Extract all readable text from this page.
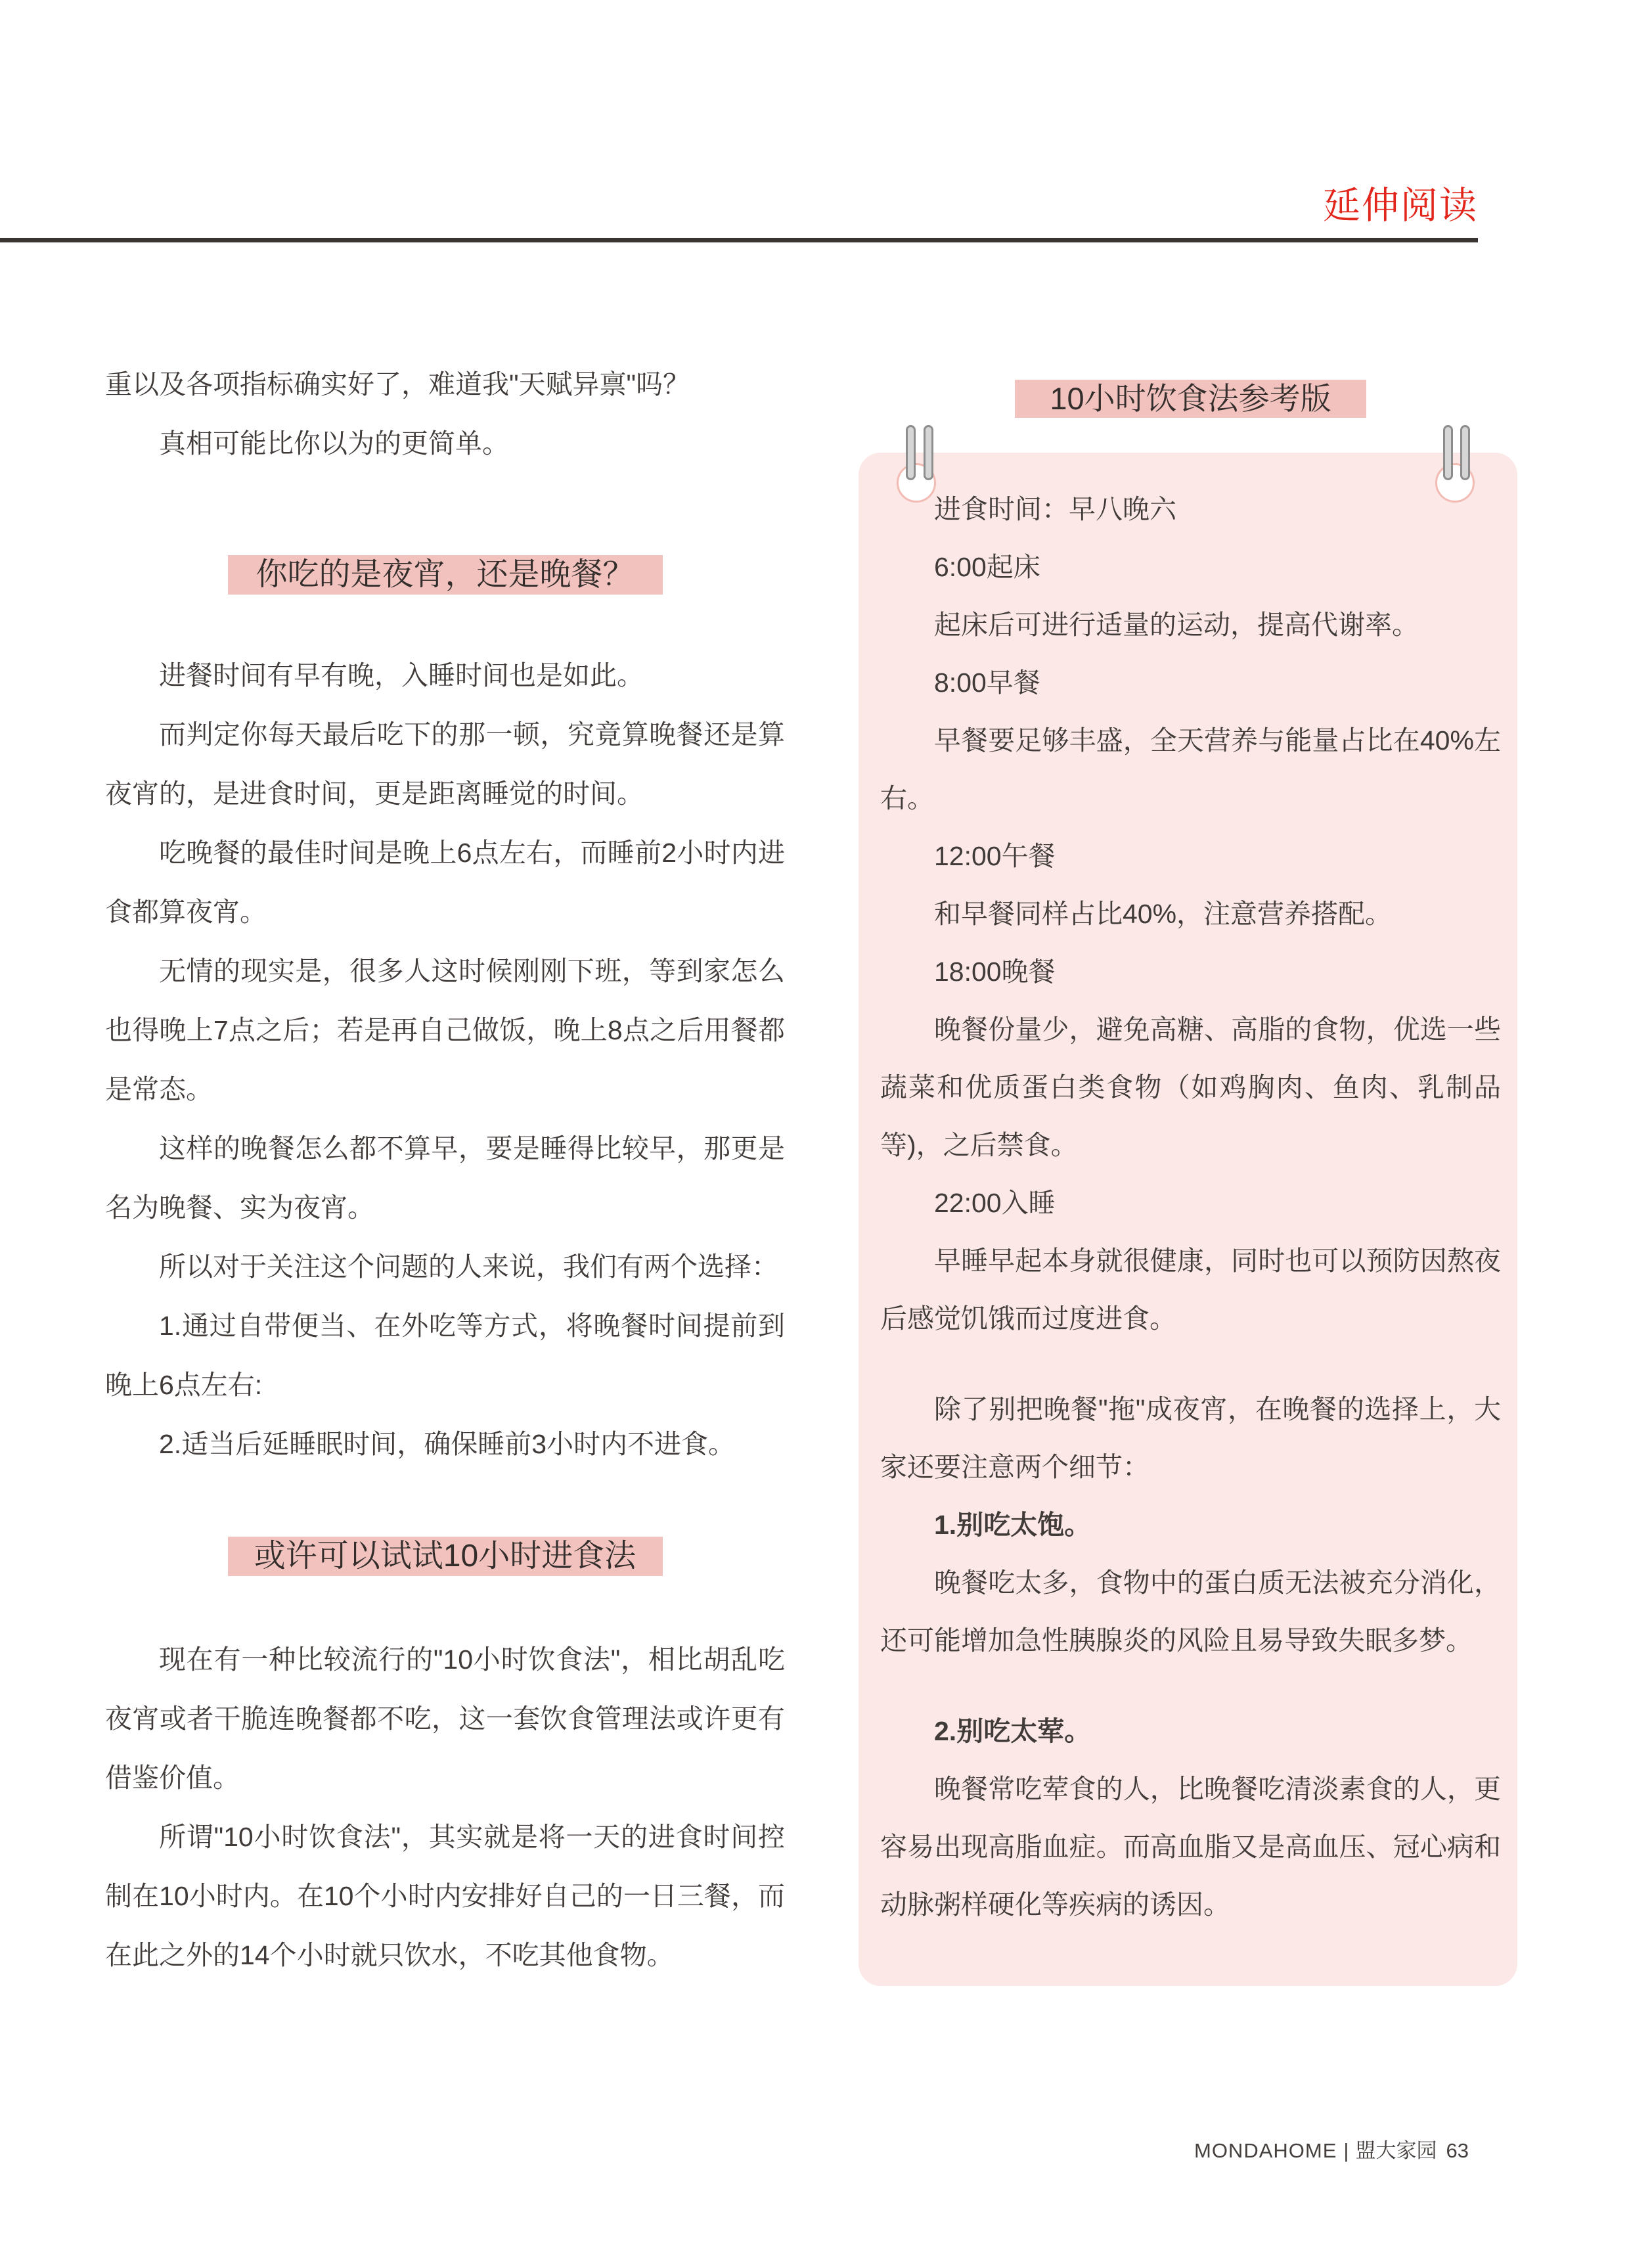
延伸阅读

重以及各项指标确实好了，难道我"天赋异禀"吗？

真相可能比你以为的更简单。

你吃的是夜宵，还是晚餐？

进餐时间有早有晚，入睡时间也是如此。

而判定你每天最后吃下的那一顿，究竟算晚餐还是算夜宵的，是进食时间，更是距离睡觉的时间。

吃晚餐的最佳时间是晚上6点左右，而睡前2小时内进食都算夜宵。

无情的现实是，很多人这时候刚刚下班，等到家怎么也得晚上7点之后；若是再自己做饭，晚上8点之后用餐都是常态。

这样的晚餐怎么都不算早，要是睡得比较早，那更是名为晚餐、实为夜宵。

所以对于关注这个问题的人来说，我们有两个选择：

1.通过自带便当、在外吃等方式，将晚餐时间提前到晚上6点左右:

2.适当后延睡眠时间，确保睡前3小时内不进食。

或许可以试试10小时进食法

现在有一种比较流行的"10小时饮食法"，相比胡乱吃夜宵或者干脆连晚餐都不吃，这一套饮食管理法或许更有借鉴价值。

所谓"10小时饮食法"，其实就是将一天的进食时间控制在10小时内。在10个小时内安排好自己的一日三餐，而在此之外的14个小时就只饮水，不吃其他食物。

10小时饮食法参考版

进食时间：早八晚六

6:00起床

起床后可进行适量的运动，提高代谢率。

8:00早餐

早餐要足够丰盛，全天营养与能量占比在40%左右。

12:00午餐

和早餐同样占比40%，注意营养搭配。

18:00晚餐

晚餐份量少，避免高糖、高脂的食物，优选一些蔬菜和优质蛋白类食物（如鸡胸肉、鱼肉、乳制品等)，之后禁食。

22:00入睡

早睡早起本身就很健康，同时也可以预防因熬夜后感觉饥饿而过度进食。

除了别把晚餐"拖"成夜宵，在晚餐的选择上，大家还要注意两个细节：

1.别吃太饱。

晚餐吃太多，食物中的蛋白质无法被充分消化，还可能增加急性胰腺炎的风险且易导致失眠多梦。

2.别吃太荤。

晚餐常吃荤食的人，比晚餐吃清淡素食的人，更容易出现高脂血症。而高血脂又是高血压、冠心病和动脉粥样硬化等疾病的诱因。

MONDAHOME | 盟大家园 63
